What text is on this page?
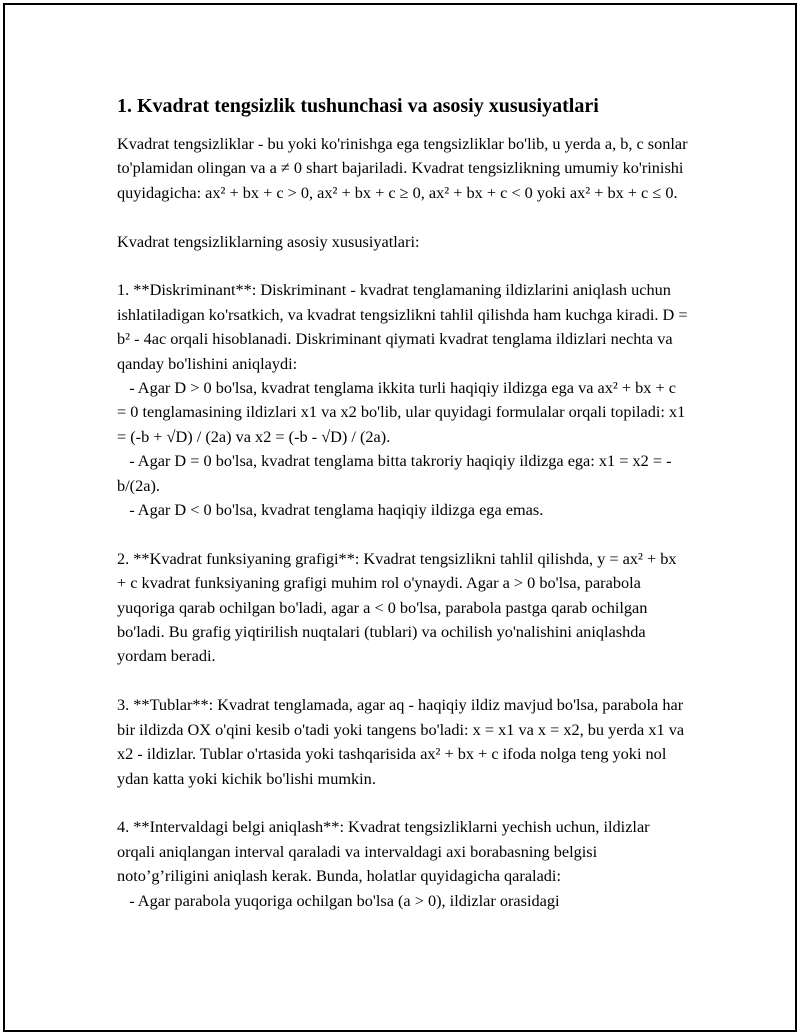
1. Kvadrat tengsizlik tushunchasi va asosiy xususiyatlari

Kvadrat tengsizliklar - bu yoki ko'rinishga ega tengsizliklar bo'lib, u yerda a, b, c sonlar to'plamidan olingan va a ≠ 0 shart bajariladi. Kvadrat tengsizlikning umumiy ko'rinishi quyidagicha: ax² + bx + c > 0, ax² + bx + c ≥ 0, ax² + bx + c < 0 yoki ax² + bx + c ≤ 0.

Kvadrat tengsizliklarning asosiy xususiyatlari:

1. **Diskriminant**: Diskriminant - kvadrat tenglamaning ildizlarini aniqlash uchun ishlatiladigan ko'rsatkich, va kvadrat tengsizlikni tahlil qilishda ham kuchga kiradi. D = b² - 4ac orqali hisoblanadi. Diskriminant qiymati kvadrat tenglama ildizlari nechta va qanday bo'lishini aniqlaydi:
- Agar D > 0 bo'lsa, kvadrat tenglama ikkita turli haqiqiy ildizga ega va ax² + bx + c = 0 tenglamasining ildizlari x1 va x2 bo'lib, ular quyidagi formulalar orqali topiladi: x1 = (-b + √D) / (2a) va x2 = (-b - √D) / (2a).
- Agar D = 0 bo'lsa, kvadrat tenglama bitta takroriy haqiqiy ildizga ega: x1 = x2 = -b/(2a).
- Agar D < 0 bo'lsa, kvadrat tenglama haqiqiy ildizga ega emas.

2. **Kvadrat funksiyaning grafigi**: Kvadrat tengsizlikni tahlil qilishda, y = ax² + bx + c kvadrat funksiyaning grafigi muhim rol o'ynaydi. Agar a > 0 bo'lsa, parabola yuqoriga qarab ochilgan bo'ladi, agar a < 0 bo'lsa, parabola pastga qarab ochilgan bo'ladi. Bu grafig yiqtirilish nuqtalari (tublari) va ochilish yo'nalishini aniqlashda yordam beradi.

3. **Tublar**: Kvadrat tenglamada, agar aq - haqiqiy ildiz mavjud bo'lsa, parabola har bir ildizda OX o'qini kesib o'tadi yoki tangens bo'ladi: x = x1 va x = x2, bu yerda x1 va x2 - ildizlar. Tublar o'rtasida yoki tashqarisida ax² + bx + c ifoda nolga teng yoki nol ydan katta yoki kichik bo'lishi mumkin.

4. **Intervaldagi belgi aniqlash**: Kvadrat tengsizliklarni yechish uchun, ildizlar orqali aniqlangan interval qaraladi va intervaldagi axi borabasning belgisi noto’g’riligini aniqlash kerak. Bunda, holatlar quyidagicha qaraladi:
- Agar parabola yuqoriga ochilgan bo'lsa (a > 0), ildizlar orasidagi
